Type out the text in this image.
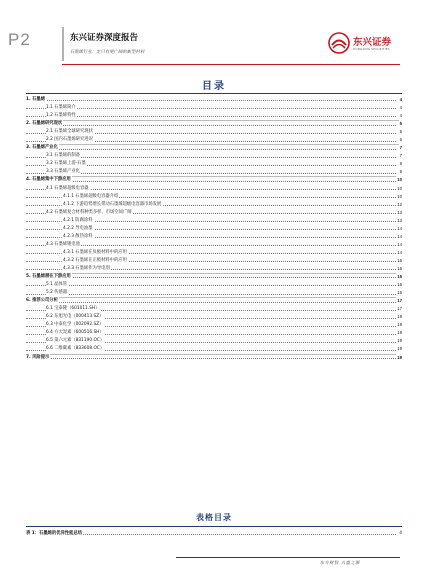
P2	东兴证券深度报告
石墨烯行业：走只有更广阔的新型材料
东兴证券
DONGXING SECURITIES
目录
1. 石墨烯	4
1.1 石墨烯简介	4
1.2 石墨烯特性	4
2. 石墨烯研究现状	5
2.1 石墨烯全球研究现状	5
2.2 国内石墨烯研究进况	6
3. 石墨烯产业化	7
3.1 石墨烯的制备	7
3.2 石墨烯上游-石墨	8
3.3 石墨烯产业化	9
4. 石墨烯集中下游应用	10
4.1 石墨烯超级电容器	10
4.1.1 石墨烯超级电容器介绍	10
4.1.2 下游趋势增长带动石墨烯超级电容器市场发展	12
4.2 石墨烯复合材料种类多样、市场空间广阔	13
4.2.1 防腐涂料	13
4.2.2 导电油墨	14
4.2.3 散热涂料	14
4.3 石墨烯锂电池	14
4.3.1 石墨烯在负极材料中的应用	14
4.3.2 石墨烯在正极材料中的应用	15
4.3.3 石墨烯作为导电剂	15
5. 石墨烯潜在下游应用	15
5.1 晶体管	15
5.2 传感器	16
6. 推荐公司分析	17
6.1 宝泰隆（601011.SH）	17
6.2 东旭光电（000413.SZ）	18
6.3 中泰化学（002092.SZ）	18
6.4 方大炭素（600516.SH）	18
6.5 第六元素（831190.OC）	19
6.6 二维碳素（833608.OC）	19
7. 风险提示	19
表格目录
表 1：石墨烯的优异性能总结	4
东方财智 兴盛之源
